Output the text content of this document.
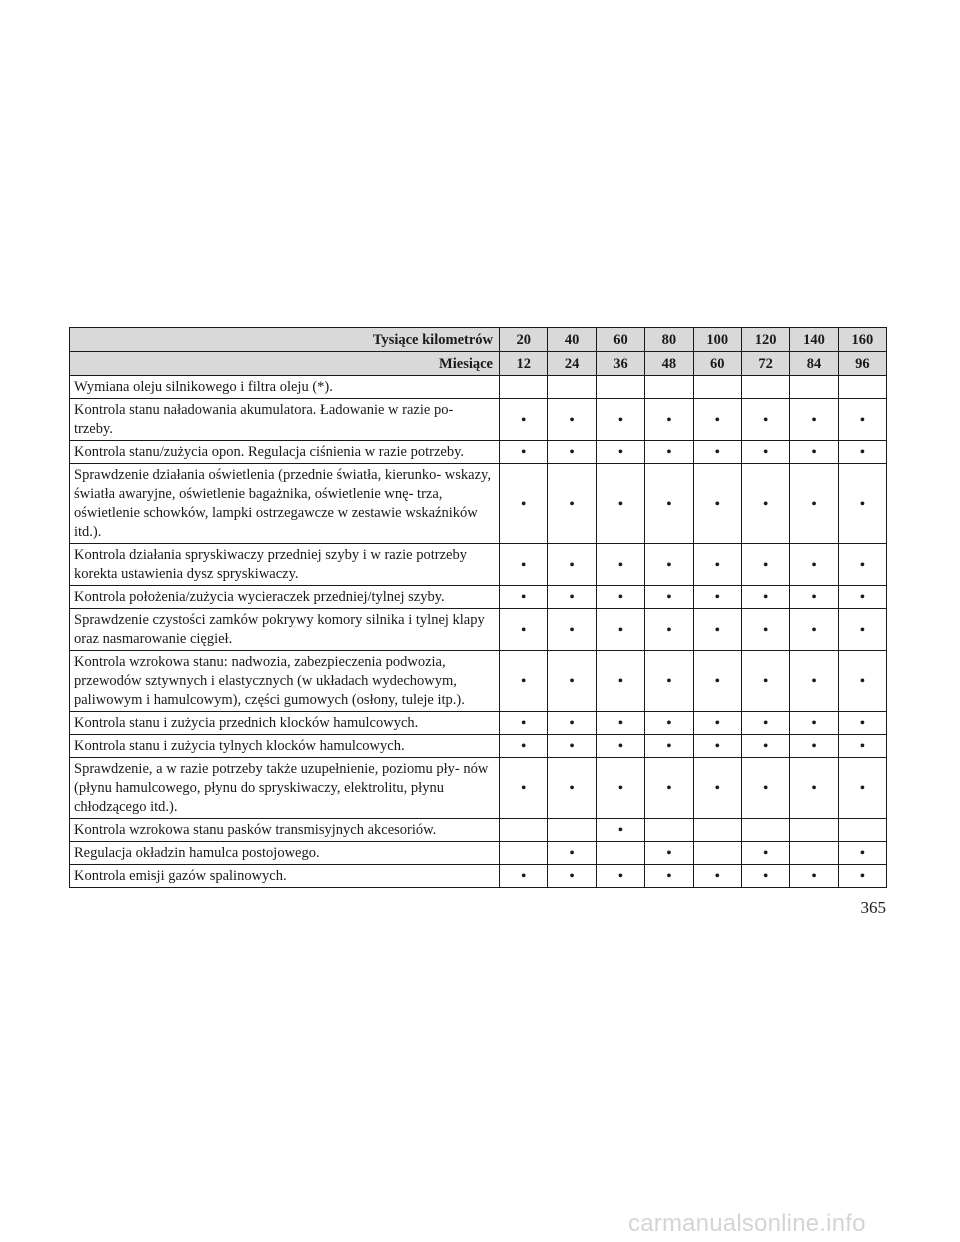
Tysiące kilometrów	20	40	60	80	100	120	140	160
Miesiące	12	24	36	48	60	72	84	96
Wymiana oleju silnikowego i filtra oleju (*).								
Kontrola stanu naładowania akumulatora. Ładowanie w razie po- trzeby.	•	•	•	•	•	•	•	•
Kontrola stanu/zużycia opon. Regulacja ciśnienia w razie potrzeby.	•	•	•	•	•	•	•	•
Sprawdzenie działania oświetlenia (przednie światła, kierunko- wskazy, światła awaryjne, oświetlenie bagażnika, oświetlenie wnę- trza, oświetlenie schowków, lampki ostrzegawcze w zestawie wskaźników itd.).	•	•	•	•	•	•	•	•
Kontrola działania spryskiwaczy przedniej szyby i w razie potrzeby korekta ustawienia dysz spryskiwaczy.	•	•	•	•	•	•	•	•
Kontrola położenia/zużycia wycieraczek przedniej/tylnej szyby.	•	•	•	•	•	•	•	•
Sprawdzenie czystości zamków pokrywy komory silnika i tylnej klapy oraz nasmarowanie cięgieł.	•	•	•	•	•	•	•	•
Kontrola wzrokowa stanu: nadwozia, zabezpieczenia podwozia, przewodów sztywnych i elastycznych (w układach wydechowym, paliwowym i hamulcowym), części gumowych (osłony, tuleje itp.).	•	•	•	•	•	•	•	•
Kontrola stanu i zużycia przednich klocków hamulcowych.	•	•	•	•	•	•	•	•
Kontrola stanu i zużycia tylnych klocków hamulcowych.	•	•	•	•	•	•	•	•
Sprawdzenie, a w razie potrzeby także uzupełnienie, poziomu pły- nów (płynu hamulcowego, płynu do spryskiwaczy, elektrolitu, płynu chłodzącego itd.).	•	•	•	•	•	•	•	•
Kontrola wzrokowa stanu pasków transmisyjnych akcesoriów.			•					
Regulacja okładzin hamulca postojowego.		•		•		•		•
Kontrola emisji gazów spalinowych.	•	•	•	•	•	•	•	•
365
carmanualsonline.info
